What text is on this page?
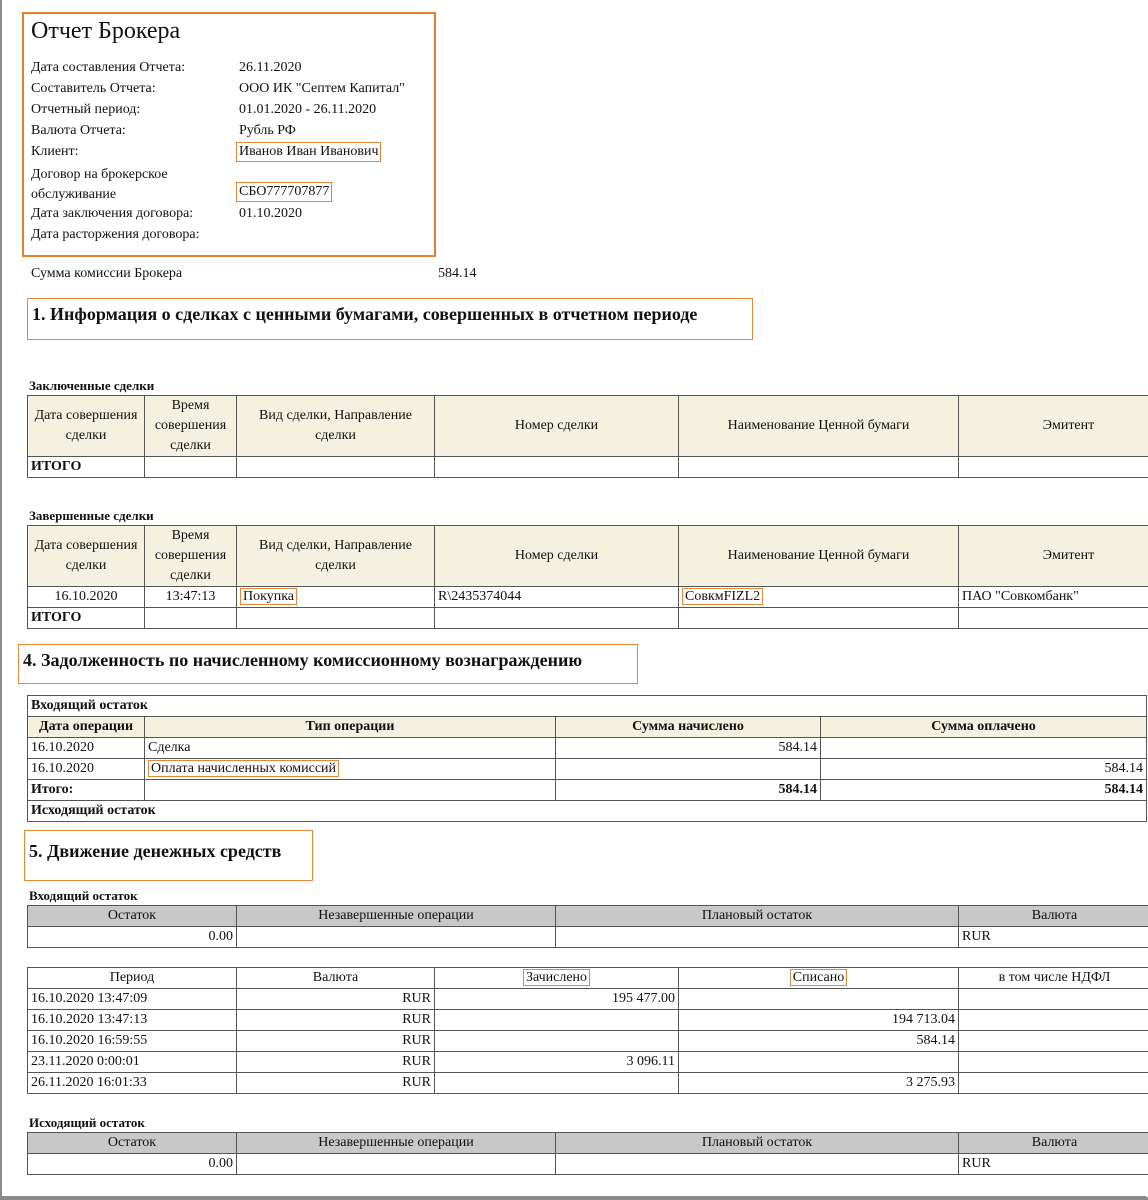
Отчет Брокера
Дата составления Отчета:	26.11.2020
Составитель Отчета:	ООО ИК "Септем Капитал"
Отчетный период:	01.01.2020 - 26.11.2020
Валюта Отчета:	Рубль РФ
Клиент:	Иванов Иван Иванович
Договор на брокерское обслуживание	СБО777707877
Дата заключения договора:	01.10.2020
Дата расторжения договора:
Сумма комиссии Брокера	584.14
1. Информация о сделках с ценными бумагами, совершенных в отчетном периоде
Заключенные сделки
Завершенные сделки
4. Задолженность по начисленному комиссионному вознаграждению
5. Движение денежных средств
Входящий остаток
Исходящий остаток
Дата совершения сделки	Время совершения сделки	Вид сделки, Направление сделки	Номер сделки	Наименование Ценной бумаги	Эмитент
ИТОГО					
Дата совершения сделки	Время совершения сделки	Вид сделки, Направление сделки	Номер сделки	Наименование Ценной бумаги	Эмитент
16.10.2020	13:47:13	Покупка	R\2435374044	СовкмFIZL2	ПАО "Совкомбанк"
ИТОГО					
Входящий остаток			
Дата операции	Тип операции	Сумма начислено	Сумма оплачено
16.10.2020	Сделка	584.14	
16.10.2020	Оплата начисленных комиссий		584.14
Итого:		584.14	584.14
Исходящий остаток			
Остаток	Незавершенные операции	Плановый остаток	Валюта
0.00			RUR
Период	Валюта	Зачислено	Списано	в том числе НДФЛ
16.10.2020 13:47:09	RUR	195 477.00		
16.10.2020 13:47:13	RUR		194 713.04	
16.10.2020 16:59:55	RUR		584.14	
23.11.2020 0:00:01	RUR	3 096.11		
26.11.2020 16:01:33	RUR		3 275.93	
Остаток	Незавершенные операции	Плановый остаток	Валюта
0.00			RUR
